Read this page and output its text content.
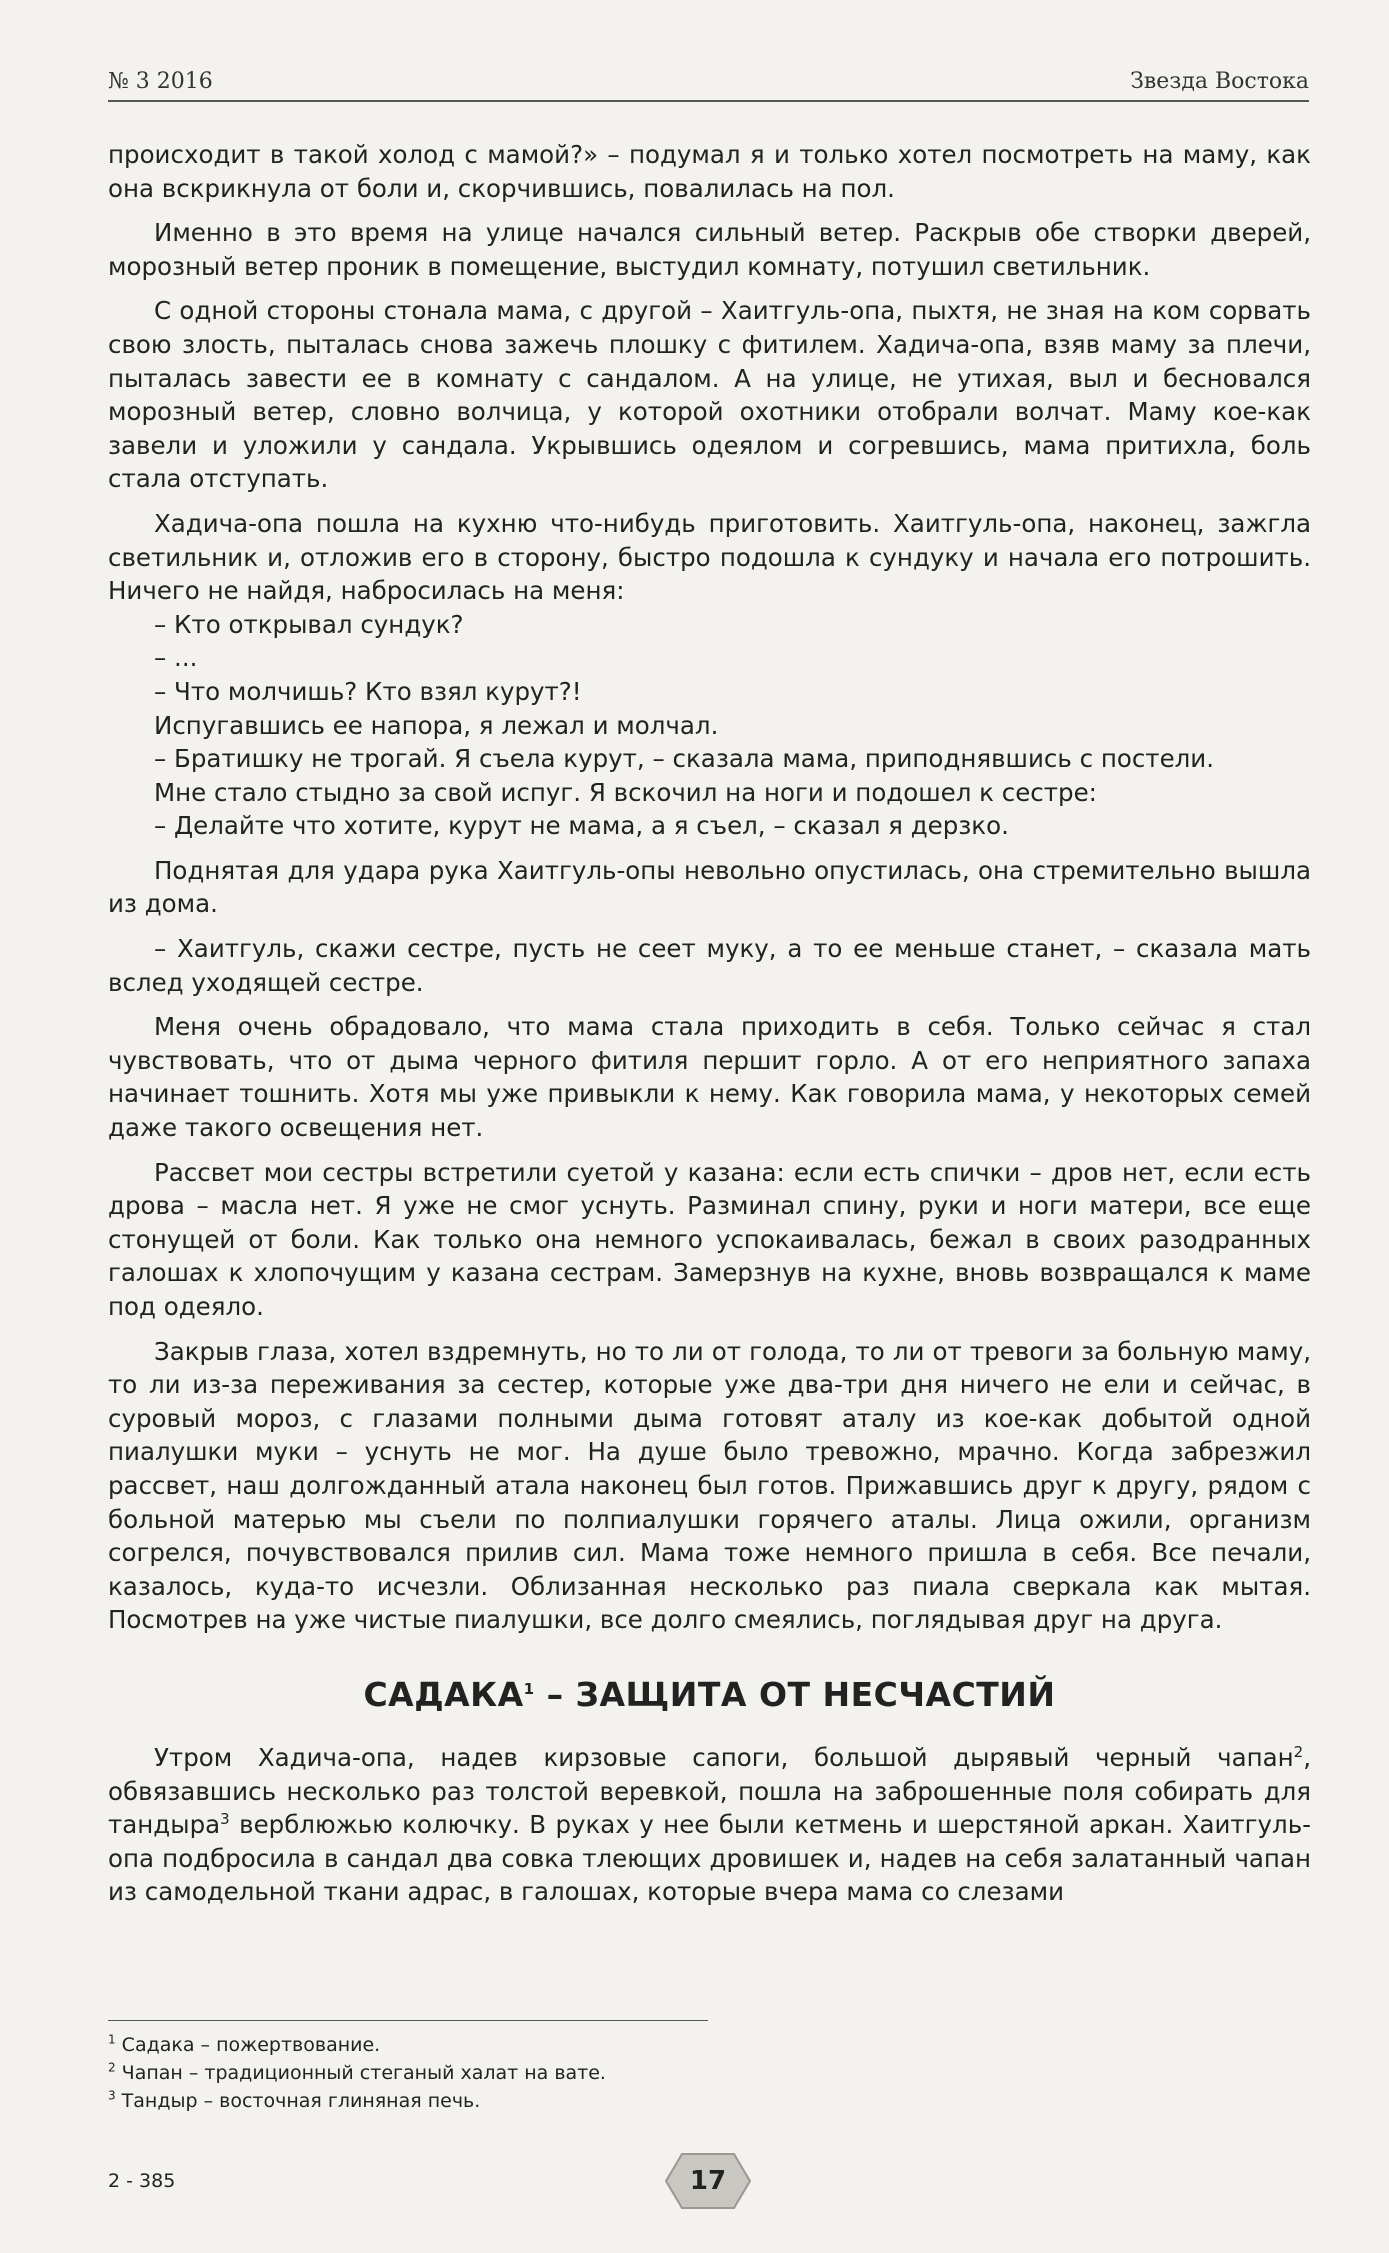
№ 3 2016	Звезда Востока

происходит в такой холод с мамой?» – подумал я и только хотел посмотреть на маму, как она вскрикнула от боли и, скорчившись, повалилась на пол.

Именно в это время на улице начался сильный ветер. Раскрыв обе створки дверей, морозный ветер проник в помещение, выстудил комнату, потушил светильник.

С одной стороны стонала мама, с другой – Хаитгуль-опа, пыхтя, не зная на ком сорвать свою злость, пыталась снова зажечь плошку с фитилем. Хадича-опа, взяв маму за плечи, пыталась завести ее в комнату с сандалом. А на улице, не утихая, выл и бесновался морозный ветер, словно волчица, у которой охотники отобрали волчат. Маму кое-как завели и уложили у сандала. Укрывшись одеялом и согревшись, мама притихла, боль стала отступать.

Хадича-опа пошла на кухню что-нибудь приготовить. Хаитгуль-опа, наконец, зажгла светильник и, отложив его в сторону, быстро подошла к сундуку и начала его потрошить. Ничего не найдя, набросилась на меня:

– Кто открывал сундук?

– ...

– Что молчишь? Кто взял курут?!

Испугавшись ее напора, я лежал и молчал.

– Братишку не трогай. Я съела курут, – сказала мама, приподнявшись с постели.

Мне стало стыдно за свой испуг. Я вскочил на ноги и подошел к сестре:

– Делайте что хотите, курут не мама, а я съел, – сказал я дерзко.

Поднятая для удара рука Хаитгуль-опы невольно опустилась, она стремительно вышла из дома.

– Хаитгуль, скажи сестре, пусть не сеет муку, а то ее меньше станет, – сказала мать вслед уходящей сестре.

Меня очень обрадовало, что мама стала приходить в себя. Только сейчас я стал чувствовать, что от дыма черного фитиля першит горло. А от его неприятного запаха начинает тошнить. Хотя мы уже привыкли к нему. Как говорила мама, у некоторых семей даже такого освещения нет.

Рассвет мои сестры встретили суетой у казана: если есть спички – дров нет, если есть дрова – масла нет. Я уже не смог уснуть. Разминал спину, руки и ноги матери, все еще стонущей от боли. Как только она немного успокаивалась, бежал в своих разодранных галошах к хлопочущим у казана сестрам. Замерзнув на кухне, вновь возвращался к маме под одеяло.

Закрыв глаза, хотел вздремнуть, но то ли от голода, то ли от тревоги за больную маму, то ли из-за переживания за сестер, которые уже два-три дня ничего не ели и сейчас, в суровый мороз, с глазами полными дыма готовят аталу из кое-как добытой одной пиалушки муки – уснуть не мог. На душе было тревожно, мрачно. Когда забрезжил рассвет, наш долгожданный атала наконец был готов. Прижавшись друг к другу, рядом с больной матерью мы съели по полпиалушки горячего аталы. Лица ожили, организм согрелся, почувствовался прилив сил. Мама тоже немного пришла в себя. Все печали, казалось, куда-то исчезли. Облизанная несколько раз пиала сверкала как мытая. Посмотрев на уже чистые пиалушки, все долго смеялись, поглядывая друг на друга.

САДАКА$^1$ – ЗАЩИТА ОТ НЕСЧАСТИЙ

Утром Хадича-опа, надев кирзовые сапоги, большой дырявый черный чапан$^2$, обвязавшись несколько раз толстой веревкой, пошла на заброшенные поля собирать для тандыра$^3$ верблюжью колючку. В руках у нее были кетмень и шерстяной аркан. Хаитгуль-опа подбросила в сандал два совка тлеющих дровишек и, надев на себя залатанный чапан из самодельной ткани адрас, в галошах, которые вчера мама со слезами

$^1$ Садака – пожертвование.
$^2$ Чапан – традиционный стеганый халат на вате.
$^3$ Тандыр – восточная глиняная печь.
2 - 385	17
